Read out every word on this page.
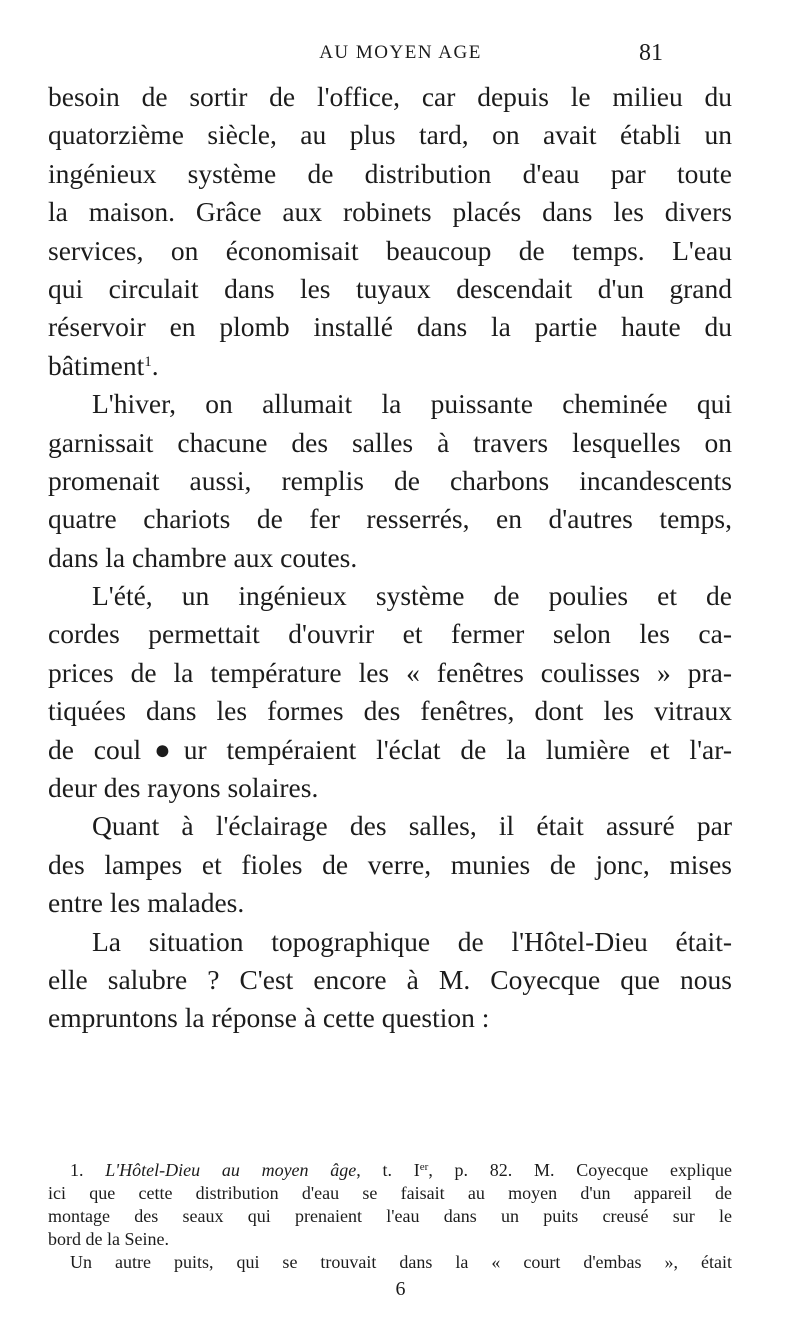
AU MOYEN AGE	81
besoin de sortir de l'office, car depuis le milieu du
quatorzième siècle, au plus tard, on avait établi un
ingénieux système de distribution d'eau par toute
la maison. Grâce aux robinets placés dans les divers
services, on économisait beaucoup de temps. L'eau
qui circulait dans les tuyaux descendait d'un grand
réservoir en plomb installé dans la partie haute du
bâtiment$^1$.
L'hiver, on allumait la puissante cheminée qui
garnissait chacune des salles à travers lesquelles on
promenait aussi, remplis de charbons incandescents
quatre chariots de fer resserrés, en d'autres temps,
dans la chambre aux coutes.
L'été, un ingénieux système de poulies et de
cordes permettait d'ouvrir et fermer selon les ca-
prices de la température les « fenêtres coulisses » pra-
tiquées dans les formes des fenêtres, dont les vitraux
de coul●ur tempéraient l'éclat de la lumière et l'ar-
deur des rayons solaires.
Quant à l'éclairage des salles, il était assuré par
des lampes et fioles de verre, munies de jonc, mises
entre les malades.
La situation topographique de l'Hôtel-Dieu était-
elle salubre ? C'est encore à M. Coyecque que nous
empruntons la réponse à cette question :
1. L'Hôtel-Dieu au moyen âge, t. Ier, p. 82. M. Coyecque explique
ici que cette distribution d'eau se faisait au moyen d'un appareil de
montage des seaux qui prenaient l'eau dans un puits creusé sur le
bord de la Seine.
Un autre puits, qui se trouvait dans la « court d'embas », était
6
